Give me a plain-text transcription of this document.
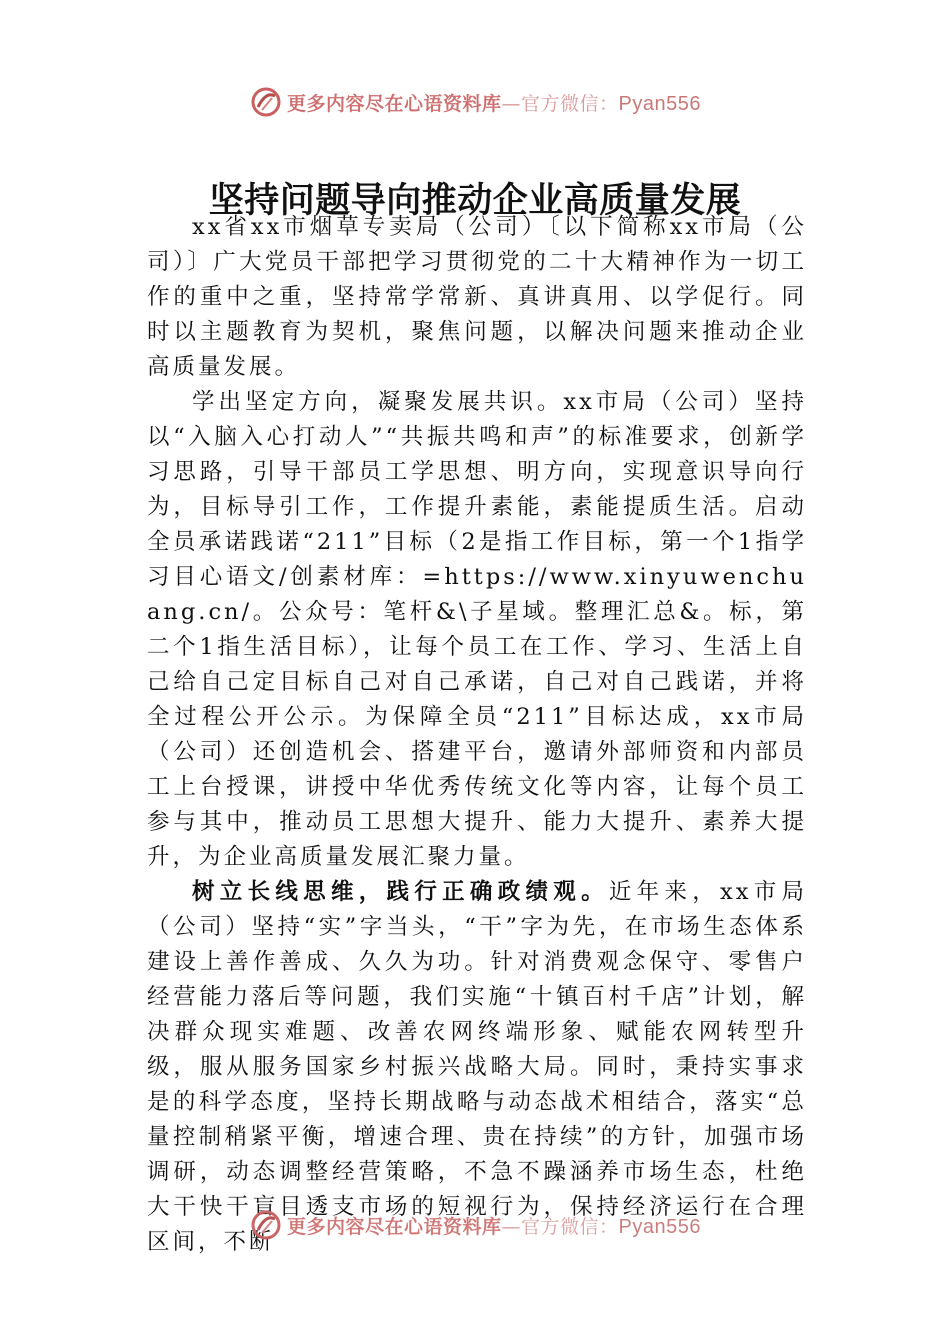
更多内容尽在心语资料库—官方微信：Pyan556
坚持问题导向推动企业高质量发展

xx省xx市烟草专卖局（公司）〔以下简称xx市局（公司）〕广大党员干部把学习贯彻党的二十大精神作为一切工作的重中之重，坚持常学常新、真讲真用、以学促行。同时以主题教育为契机，聚焦问题，以解决问题来推动企业高质量发展。

学出坚定方向，凝聚发展共识。xx市局（公司）坚持以“入脑入心打动人”“共振共鸣和声”的标准要求，创新学习思路，引导干部员工学思想、明方向，实现意识导向行为，目标导引工作，工作提升素能，素能提质生活。启动全员承诺践诺“211”目标（2是指工作目标，第一个1指学习目心语文/创素材库：=https://www.xinyuwenchuang.cn/。公众号：笔杆&\子星域。整理汇总&。标，第二个1指生活目标），让每个员工在工作、学习、生活上自己给自己定目标自己对自己承诺，自己对自己践诺，并将全过程公开公示。为保障全员“211”目标达成，xx市局（公司）还创造机会、搭建平台，邀请外部师资和内部员工上台授课，讲授中华优秀传统文化等内容，让每个员工参与其中，推动员工思想大提升、能力大提升、素养大提升，为企业高质量发展汇聚力量。

树立长线思维，践行正确政绩观。近年来，xx市局（公司）坚持“实”字当头，“干”字为先，在市场生态体系建设上善作善成、久久为功。针对消费观念保守、零售户经营能力落后等问题，我们实施“十镇百村千店”计划，解决群众现实难题、改善农网终端形象、赋能农网转型升级，服从服务国家乡村振兴战略大局。同时，秉持实事求是的科学态度，坚持长期战略与动态战术相结合，落实“总量控制稍紧平衡，增速合理、贵在持续”的方针，加强市场调研，动态调整经营策略，不急不躁涵养市场生态，杜绝大干快干盲目透支市场的短视行为，保持经济运行在合理区间，不断

更多内容尽在心语资料库—官方微信：Pyan556
